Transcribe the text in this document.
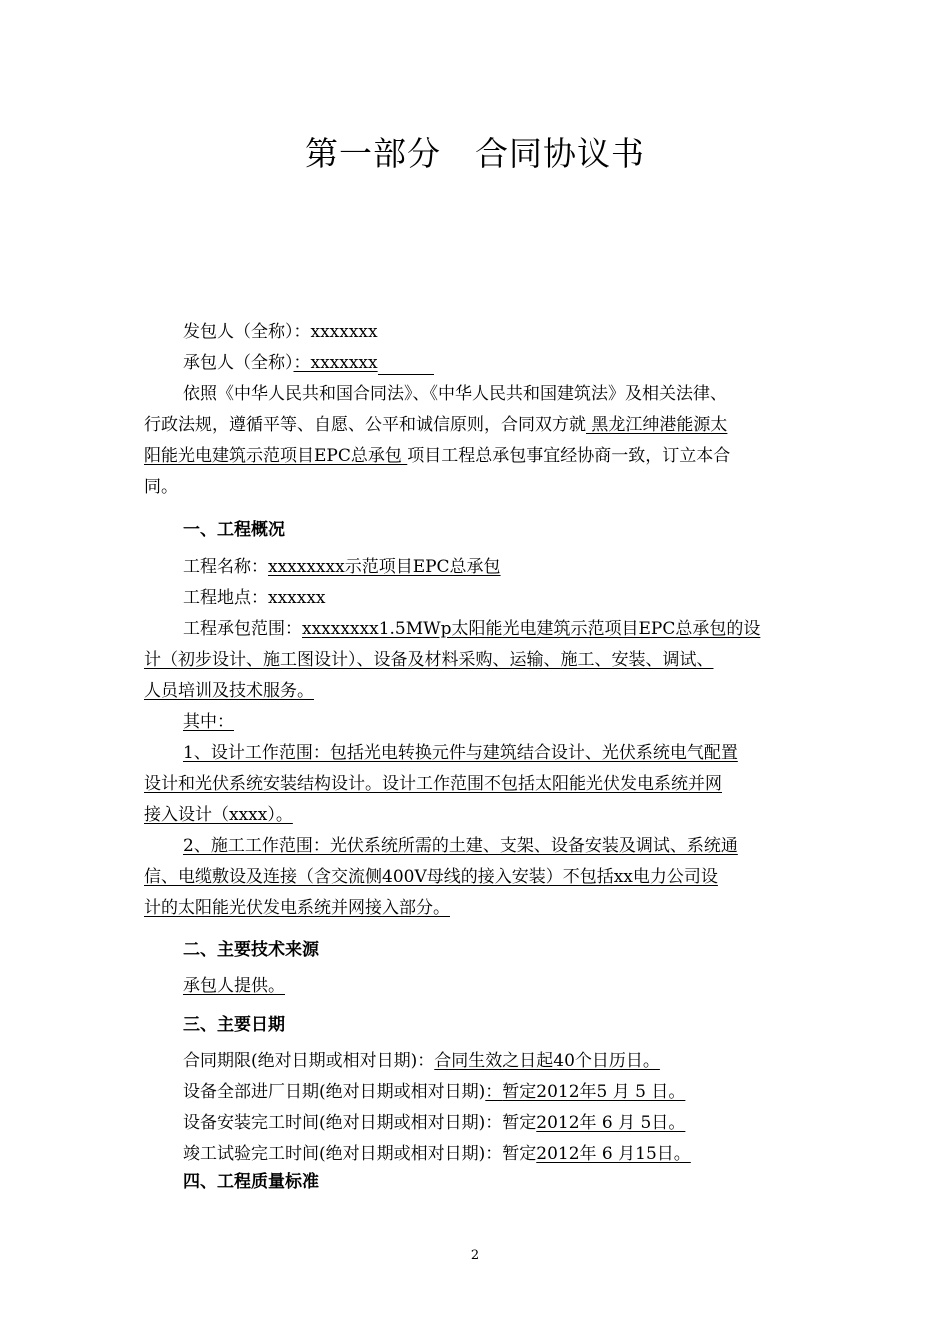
第一部分 合同协议书
发包人（全称）：xxxxxxx
承包人（全称）：xxxxxxx
依照《中华人民共和国合同法》、《中华人民共和国建筑法》及相关法律、
行政法规，遵循平等、自愿、公平和诚信原则，合同双方就 黑龙江绅港能源太
阳能光电建筑示范项目EPC总承包 项目工程总承包事宜经协商一致，订立本合
同。
一、工程概况
工程名称：xxxxxxxx示范项目EPC总承包
工程地点：xxxxxx
工程承包范围：xxxxxxxx1.5MWp太阳能光电建筑示范项目EPC总承包的设
计（初步设计、施工图设计）、设备及材料采购、运输、施工、安装、调试、
人员培训及技术服务。
其中：
1、设计工作范围：包括光电转换元件与建筑结合设计、光伏系统电气配置
设计和光伏系统安装结构设计。设计工作范围不包括太阳能光伏发电系统并网
接入设计（xxxx）。
2、施工工作范围：光伏系统所需的土建、支架、设备安装及调试、系统通
信、电缆敷设及连接（含交流侧400V母线的接入安装）不包括xx电力公司设
计的太阳能光伏发电系统并网接入部分。
二、主要技术来源
承包人提供。
三、主要日期
合同期限(绝对日期或相对日期)：合同生效之日起40个日历日。
设备全部进厂日期(绝对日期或相对日期)：暂定2012年5 月 5 日。
设备安装完工时间(绝对日期或相对日期)：暂定2012年 6 月 5日。
竣工试验完工时间(绝对日期或相对日期)：暂定2012年 6 月15日。
四、工程质量标准
2
